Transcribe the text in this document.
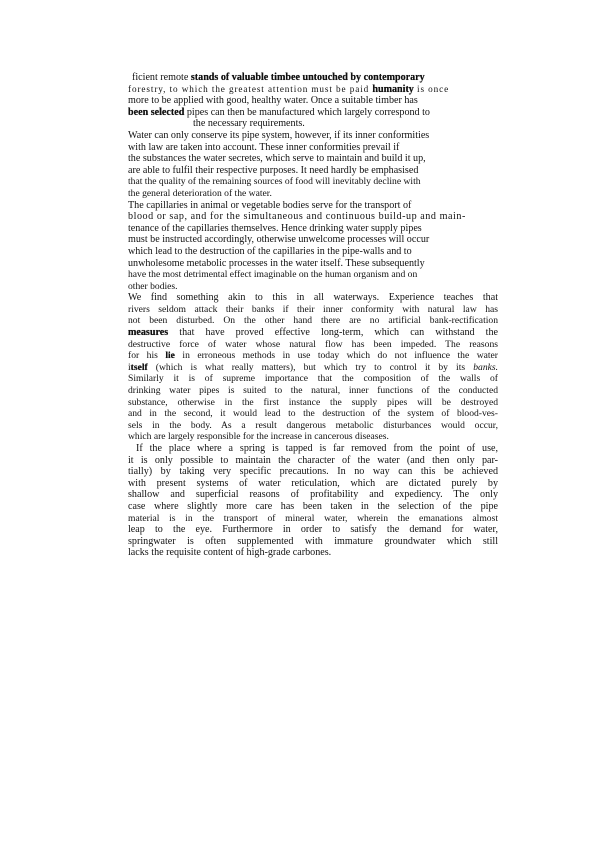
ficient remote stands of valuable timbee untouched by contemporary
forestry, to which the greatest attention must be paid humanity is once
more to be applied with good, healthy water. Once a suitable timber has
been selected pipes can then be manufactured which largely correspond to
the necessary requirements.

Water can only conserve its pipe system, however, if its inner conformities
with law are taken into account. These inner conformities prevail if
the substances the water secretes, which serve to maintain and build it up,
are able to fulfil their respective purposes. It need hardly be emphasised
that the quality of the remaining sources of food will inevitably decline with
the general deterioration of the water.

The capillaries in animal or vegetable bodies serve for the transport of
blood or sap, and for the simultaneous and continuous build-up and main-
tenance of the capillaries themselves. Hence drinking water supply pipes
must be instructed accordingly, otherwise unwelcome processes will occur
which lead to the destruction of the capillaries in the pipe-walls and to
unwholesome metabolic processes in the water itself. These subsequently
have the most detrimental effect imaginable on the human organism and on
other bodies.

We find something akin to this in all waterways. Experience teaches that
rivers seldom attack their banks if their inner conformity with natural law has
not been disturbed. On the other hand there are no artificial bank-rectification
measures that have proved effective long-term, which can withstand the
destructive force of water whose natural flow has been impeded. The reasons
for his lie in erroneous methods in use today which do not influence the water
itself (which is what really matters), but which try to control it by its banks.
Similarly it is of supreme importance that the composition of the walls of
drinking water pipes is suited to the natural, inner functions of the conducted
substance, otherwise in the first instance the supply pipes will be destroyed
and in the second, it would lead to the destruction of the system of blood-ves-
sels in the body. As a result dangerous metabolic disturbances would occur,
which are largely responsible for the increase in cancerous diseases.

If the place where a spring is tapped is far removed from the point of use,
it is only possible to maintain the character of the water (and then only par-
tially) by taking very specific precautions. In no way can this be achieved
with present systems of water reticulation, which are dictated purely by
shallow and superficial reasons of profitability and expediency. The only
case where slightly more care has been taken in the selection of the pipe
material is in the transport of mineral water, wherein the emanations almost
leap to the eye. Furthermore in order to satisfy the demand for water,
springwater is often supplemented with immature groundwater which still
lacks the requisite content of high-grade carbones.
